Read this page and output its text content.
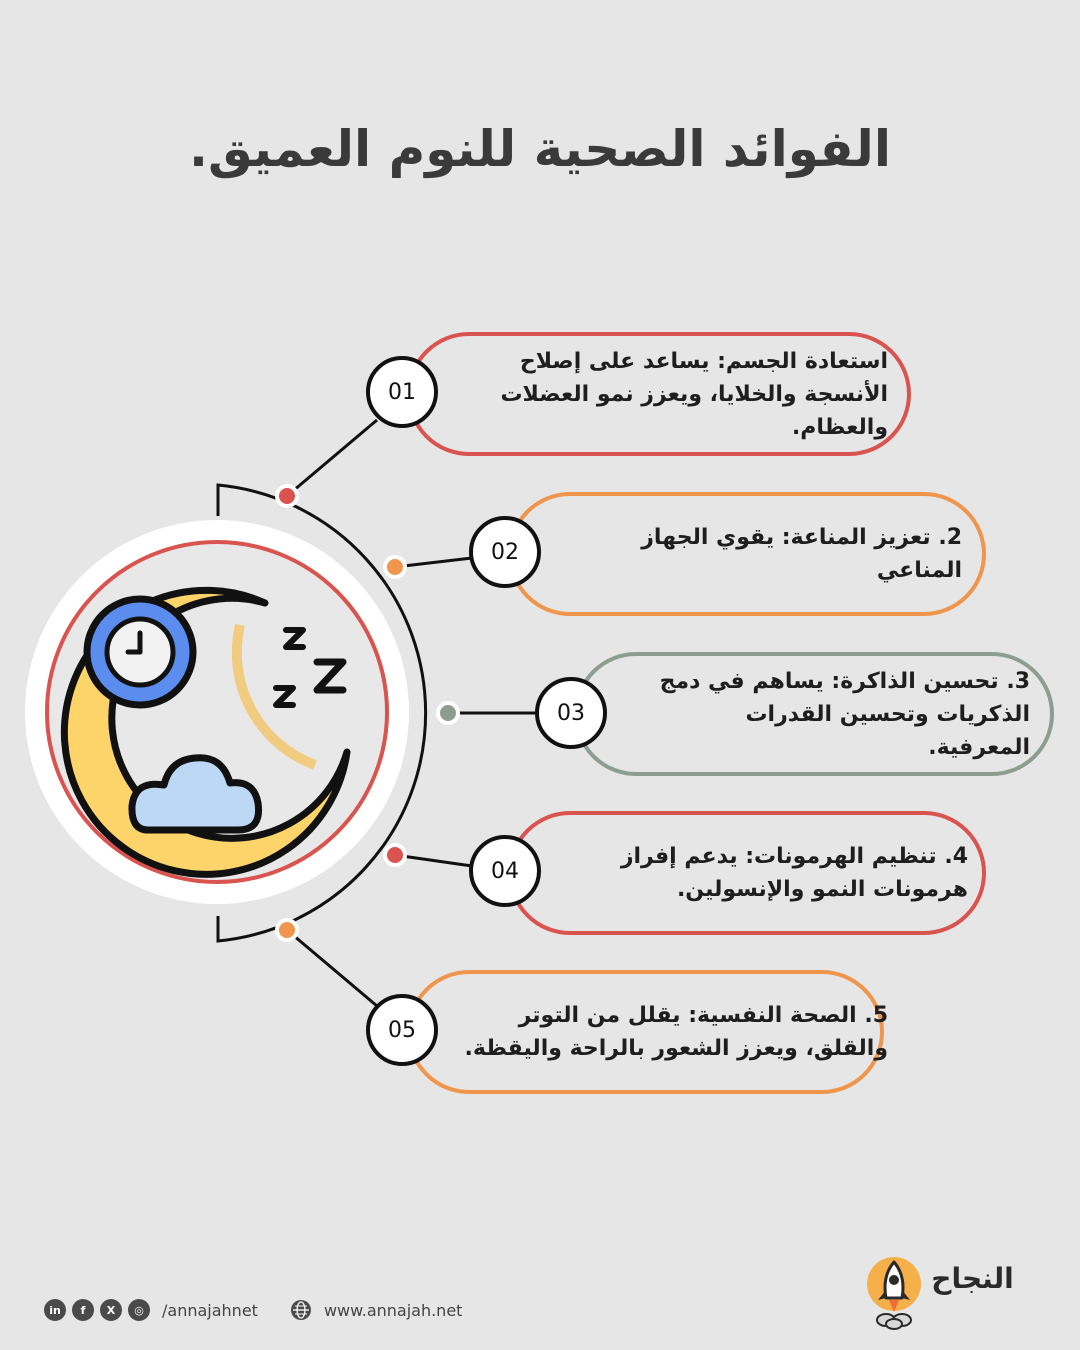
الفوائد الصحية للنوم العميق.
استعادة الجسم: يساعد على إصلاح الأنسجة والخلايا، ويعزز نمو العضلات والعظام.
01
2. تعزيز المناعة: يقوي الجهاز المناعي
02
3. تحسين الذاكرة: يساهم في دمج الذكريات وتحسين القدرات المعرفية.
03
4. تنظيم الهرمونات: يدعم إفراز هرمونات النمو والإنسولين.
04
5. الصحة النفسية: يقلل من التوتر والقلق، ويعزز الشعور بالراحة واليقظة.
05
in	f	X	◎	/annajahnet	www.annajah.net
النجاح
